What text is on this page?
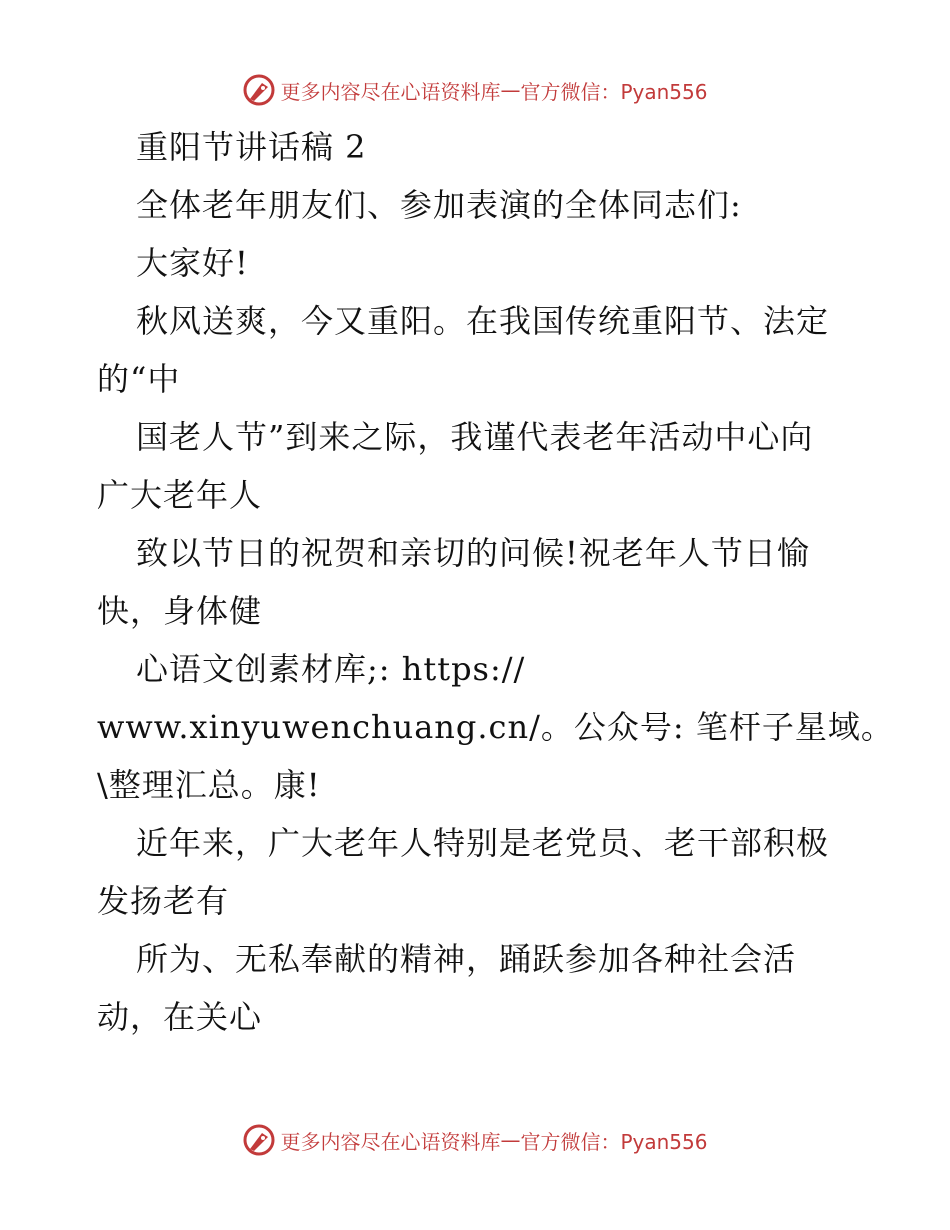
更多内容尽在心语资料库 — 官方微信：Pyan556
重阳节讲话稿 2
全体老年朋友们、参加表演的全体同志们:
大家好!
秋风送爽，今又重阳。在我国传统重阳节、法定
的“中
国老人节”到来之际，我谨代表老年活动中心向
广大老年人
致以节日的祝贺和亲切的问候!祝老年人节日愉
快，身体健
心语文创素材库;: https://
www.xinyuwenchuang.cn/。公众号: 笔杆子星域。
\整理汇总。康!
近年来，广大老年人特别是老党员、老干部积极
发扬老有
所为、无私奉献的精神，踊跃参加各种社会活
动，在关心
更多内容尽在心语资料库 — 官方微信：Pyan556
